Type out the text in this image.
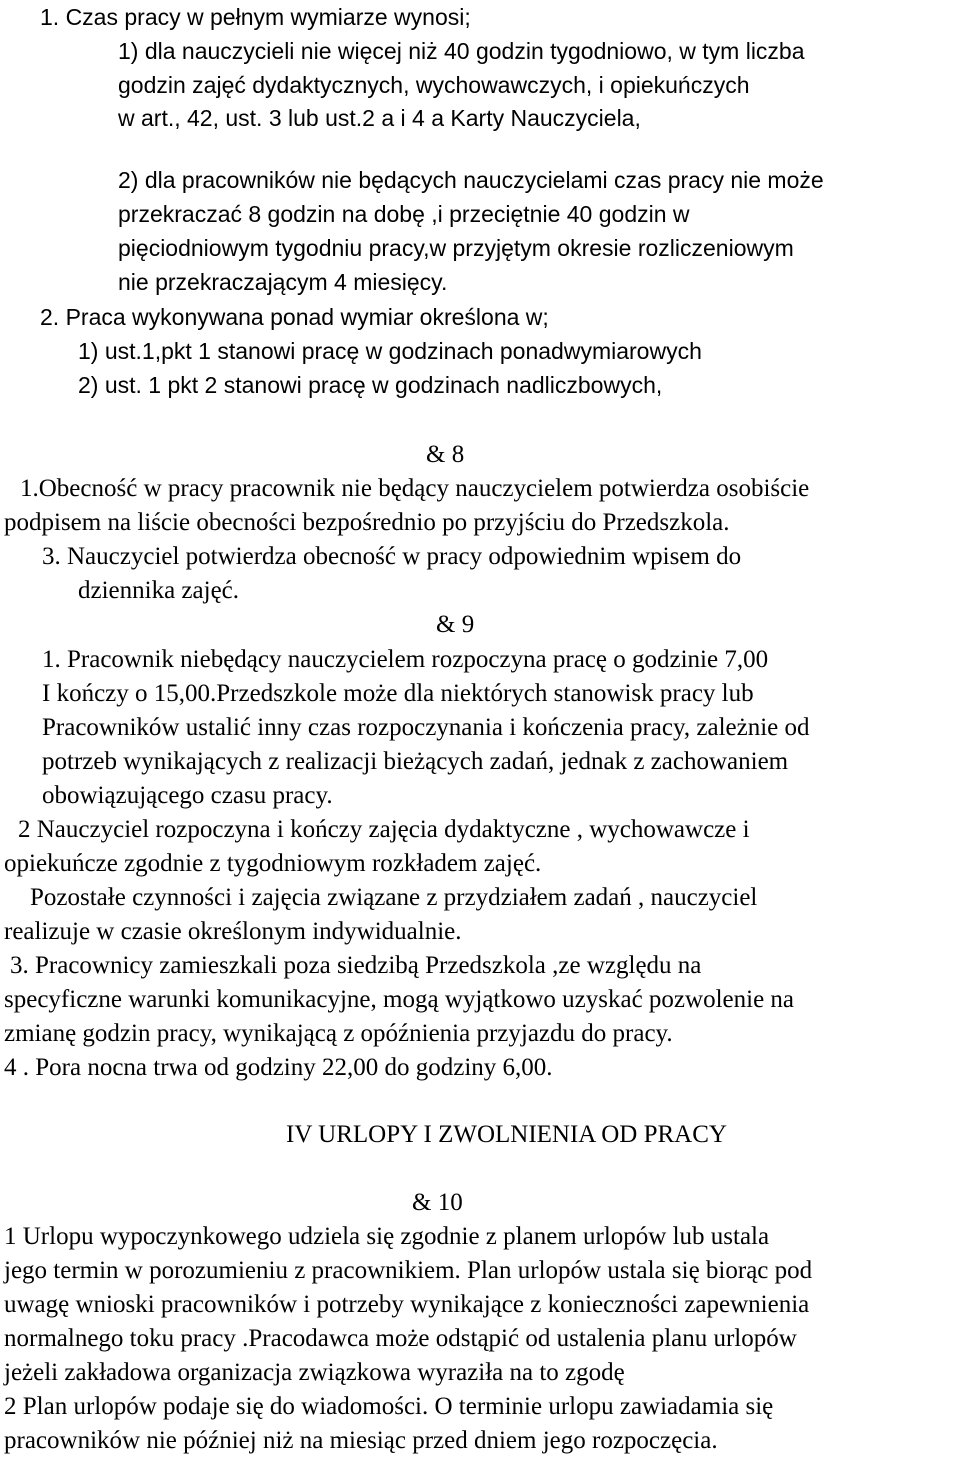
1. Czas pracy w pełnym wymiarze wynosi;

1) dla nauczycieli nie więcej niż 40 godzin tygodniowo, w tym liczba

godzin zajęć dydaktycznych, wychowawczych, i opiekuńczych

w art., 42, ust. 3 lub ust.2 a i 4 a Karty Nauczyciela,

2) dla pracowników nie będących nauczycielami czas pracy nie może

przekraczać 8 godzin na dobę ,i przeciętnie 40 godzin w

pięciodniowym tygodniu pracy,w przyjętym okresie rozliczeniowym

nie przekraczającym 4 miesięcy.

2. Praca wykonywana ponad wymiar określona w;

1) ust.1,pkt 1 stanowi pracę w godzinach ponadwymiarowych

2) ust. 1 pkt 2 stanowi pracę w godzinach nadliczbowych,

& 8

1.Obecność w pracy pracownik nie będący nauczycielem potwierdza osobiście

podpisem na liście obecności bezpośrednio po przyjściu do Przedszkola.

3. Nauczyciel potwierdza obecność w pracy odpowiednim wpisem do

dziennika zajęć.

& 9

1. Pracownik niebędący nauczycielem rozpoczyna pracę o godzinie 7,00

I kończy o 15,00.Przedszkole może dla niektórych stanowisk pracy lub

Pracowników ustalić inny czas rozpoczynania i kończenia pracy, zależnie od

potrzeb wynikających z realizacji bieżących zadań, jednak z zachowaniem

obowiązującego czasu pracy.

2 Nauczyciel rozpoczyna i kończy zajęcia dydaktyczne , wychowawcze i

opiekuńcze zgodnie z tygodniowym rozkładem zajęć.

Pozostałe czynności i zajęcia związane z przydziałem zadań , nauczyciel

realizuje w czasie określonym indywidualnie.

3. Pracownicy zamieszkali poza siedzibą Przedszkola ,ze względu na

specyficzne warunki komunikacyjne, mogą wyjątkowo uzyskać pozwolenie na

zmianę godzin pracy, wynikającą z opóźnienia przyjazdu do pracy.

4 . Pora nocna trwa od godziny 22,00 do godziny 6,00.

IV URLOPY I ZWOLNIENIA OD PRACY

& 10

1 Urlopu wypoczynkowego udziela się zgodnie z planem urlopów lub ustala

jego termin w porozumieniu z pracownikiem. Plan urlopów ustala się biorąc pod

uwagę wnioski pracowników i potrzeby wynikające z konieczności zapewnienia

normalnego toku pracy .Pracodawca może odstąpić od ustalenia planu urlopów

jeżeli zakładowa organizacja związkowa wyraziła na to zgodę

2 Plan urlopów podaje się do wiadomości. O terminie urlopu zawiadamia się

pracowników nie później niż na miesiąc przed dniem jego rozpoczęcia.
